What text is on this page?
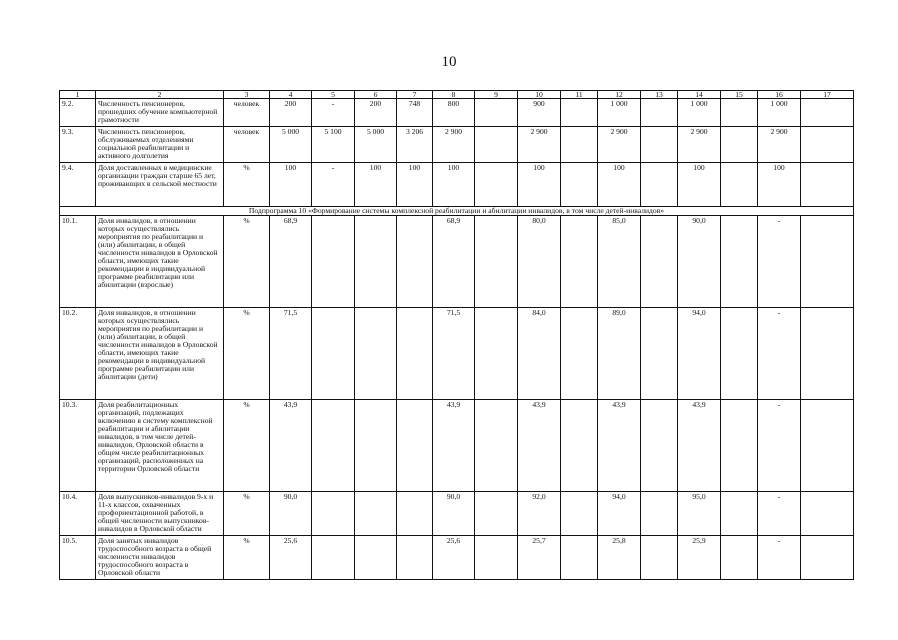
10
1	2	3	4	5	6	7	8	9	10	11	12	13	14	15	16	17
9.2.	Численность пенсионеров, прошедших обучение компьютерной грамотности	человек	200	-	200	748	800		900		1 000		1 000		1 000	
9.3.	Численность пенсионеров, обслуживаемых отделениями социальной реабилитации и активного долголетия	человек	5 000	5 100	5 000	3 206	2 900		2 900		2 900		2 900		2 900	
9.4.	Доля доставленных в медицинские организации граждан старше 65 лет, проживающих в сельской местности	%	100	-	100	100	100		100		100		100		100	
Подпрограмма 10 «Формирование системы комплексной реабилитации и абилитации инвалидов, в том числе детей-инвалидов»																
10.1.	Доля инвалидов, в отношении которых осуществлялись мероприятия по реабилитации и (или) абилитации, в общей численности инвалидов в Орловской области, имеющих такие рекомендации в индивидуальной программе реабилитации или абилитации (взрослые)	%	68,9				68,9		80,0		85,0		90,0		-	
10.2.	Доля инвалидов, в отношении которых осуществлялись мероприятия по реабилитации и (или) абилитации, в общей численности инвалидов в Орловской области, имеющих такие рекомендации в индивидуальной программе реабилитации или абилитации (дети)	%	71,5				71,5		84,0		89,0		94,0		-	
10.3.	Доля реабилитационных организаций, подлежащих включению в систему комплексной реабилитации и абилитации инвалидов, в том числе детей-инвалидов, Орловской области в общем числе реабилитационных организаций, расположенных на территории Орловской области	%	43,9				43,9		43,9		43,9		43,9		-	
10.4.	Доля выпускников-инвалидов 9-х и 11-х классов, охваченных профориентационной работой, в общей численности выпускников-инвалидов в Орловской области	%	90,0				90,0		92,0		94,0		95,0		-	
10.5.	Доля занятых инвалидов трудоспособного возраста в общей численности инвалидов трудоспособного возраста в Орловской области	%	25,6				25,6		25,7		25,8		25,9		-	
